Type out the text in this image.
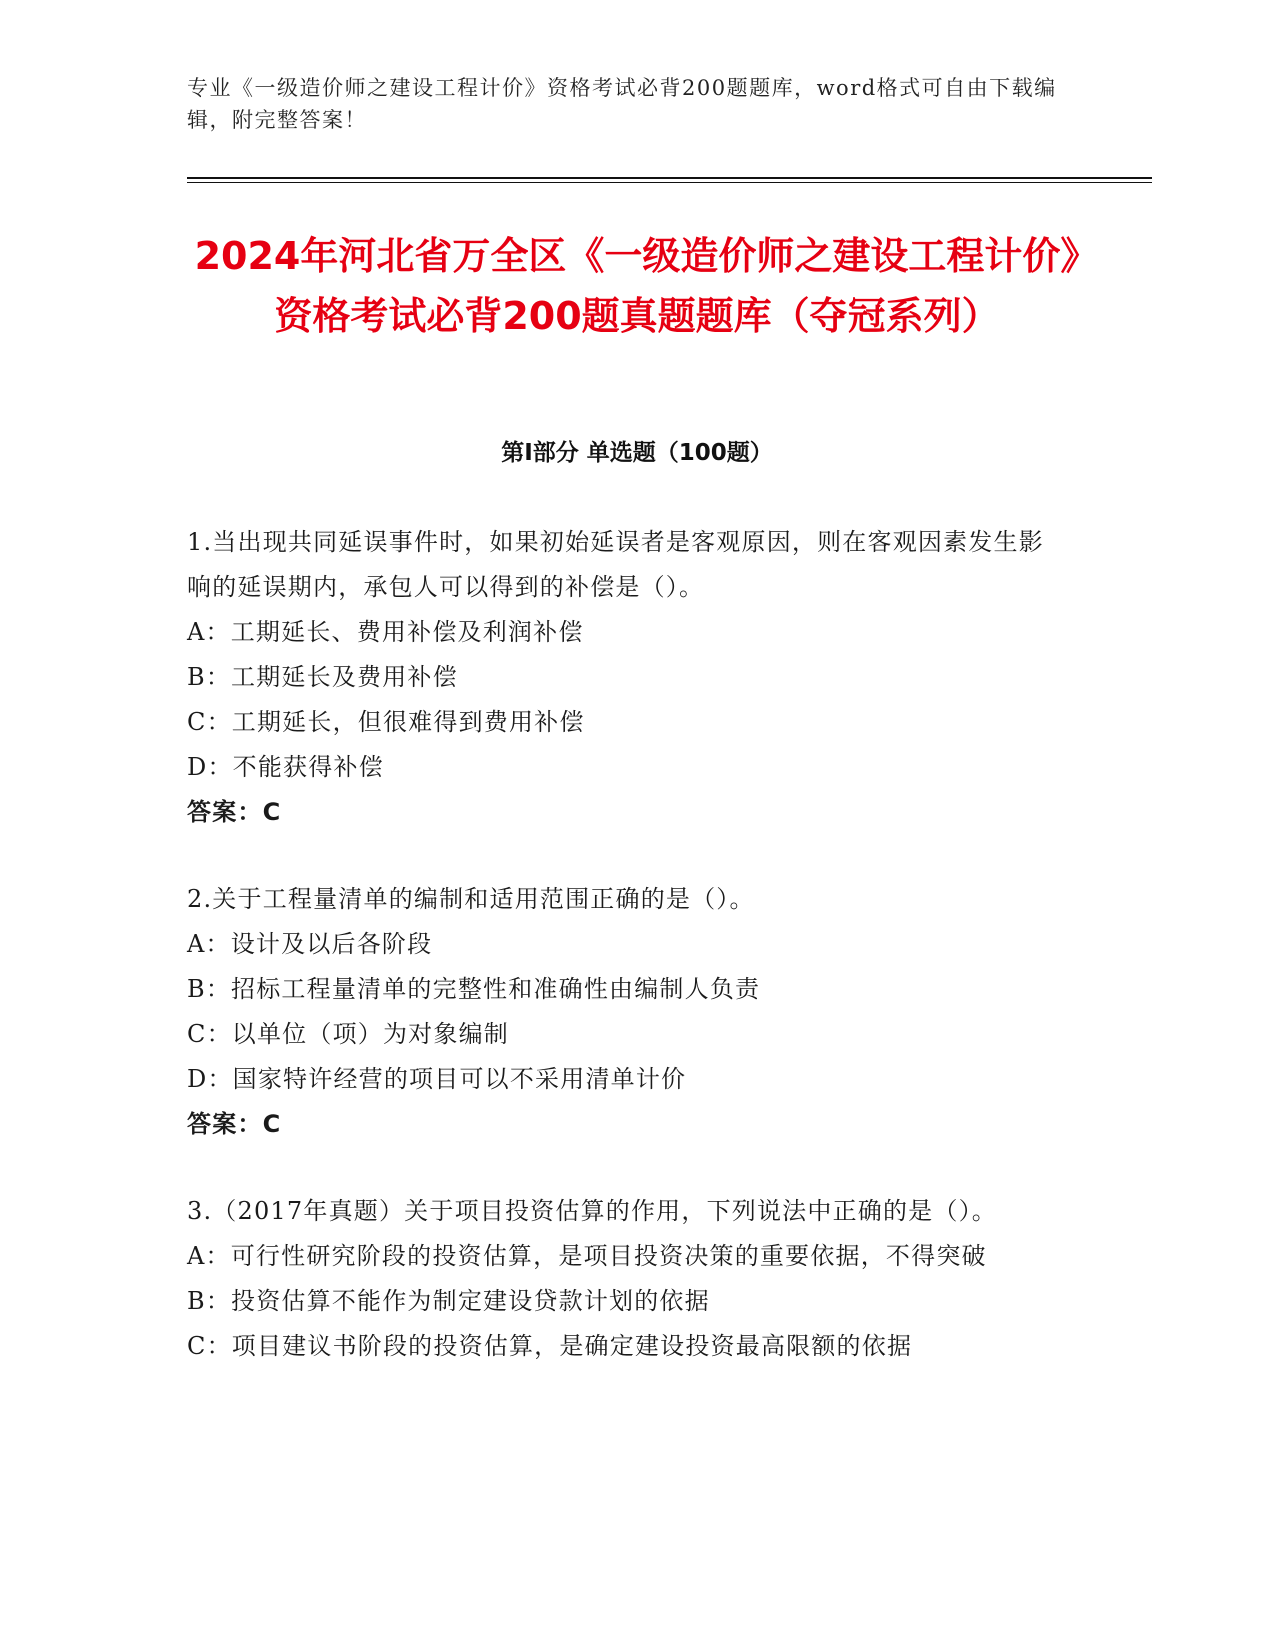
专业《一级造价师之建设工程计价》资格考试必背200题题库，word格式可自由下载编辑，附完整答案！
2024年河北省万全区《一级造价师之建设工程计价》资格考试必背200题真题题库（夺冠系列）
第Ⅰ部分 单选题（100题）

1.当出现共同延误事件时，如果初始延误者是客观原因，则在客观因素发生影响的延误期内，承包人可以得到的补偿是（）。

A：工期延长、费用补偿及利润补偿

B：工期延长及费用补偿

C：工期延长，但很难得到费用补偿

D：不能获得补偿

答案：C

2.关于工程量清单的编制和适用范围正确的是（）。

A：设计及以后各阶段

B：招标工程量清单的完整性和准确性由编制人负责

C：以单位（项）为对象编制

D：国家特许经营的项目可以不采用清单计价

答案：C

3.（2017年真题）关于项目投资估算的作用，下列说法中正确的是（）。

A：可行性研究阶段的投资估算，是项目投资决策的重要依据，不得突破

B：投资估算不能作为制定建设贷款计划的依据

C：项目建议书阶段的投资估算，是确定建设投资最高限额的依据
